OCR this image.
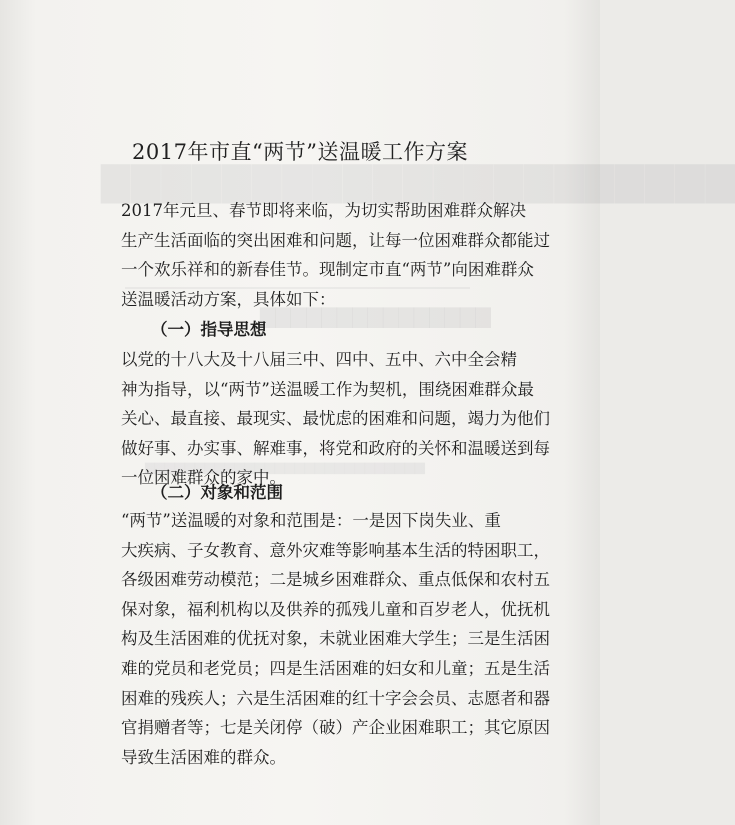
▇▇▇▇▇▇▇▇▇▇▇▇▇▇▇▇▇▇▇▇▇
▇▇▇▇▇▇▇▇▇▇▇▇▇▇▇
▆▆▆▆▆▆▆▆▆▆▆▆▆▆▆▆▆▆▆▆▆▆▆▆▆▆▆▆
2017年市直“两节”送温暖工作方案
2017年元旦、春节即将来临，为切实帮助困难群众解决
生产生活面临的突出困难和问题，让每一位困难群众都能过
一个欢乐祥和的新春佳节。现制定市直“两节”向困难群众
送温暖活动方案，具体如下：
（一）指导思想
以党的十八大及十八届三中、四中、五中、六中全会精
神为指导，以“两节”送温暖工作为契机，围绕困难群众最
关心、最直接、最现实、最忧虑的困难和问题，竭力为他们
做好事、办实事、解难事，将党和政府的关怀和温暖送到每
一位困难群众的家中。
（二）对象和范围
“两节”送温暖的对象和范围是：一是因下岗失业、重
大疾病、子女教育、意外灾难等影响基本生活的特困职工，
各级困难劳动模范；二是城乡困难群众、重点低保和农村五
保对象，福利机构以及供养的孤残儿童和百岁老人，优抚机
构及生活困难的优抚对象，未就业困难大学生；三是生活困
难的党员和老党员；四是生活困难的妇女和儿童；五是生活
困难的残疾人；六是生活困难的红十字会会员、志愿者和器
官捐赠者等；七是关闭停（破）产企业困难职工；其它原因
导致生活困难的群众。
